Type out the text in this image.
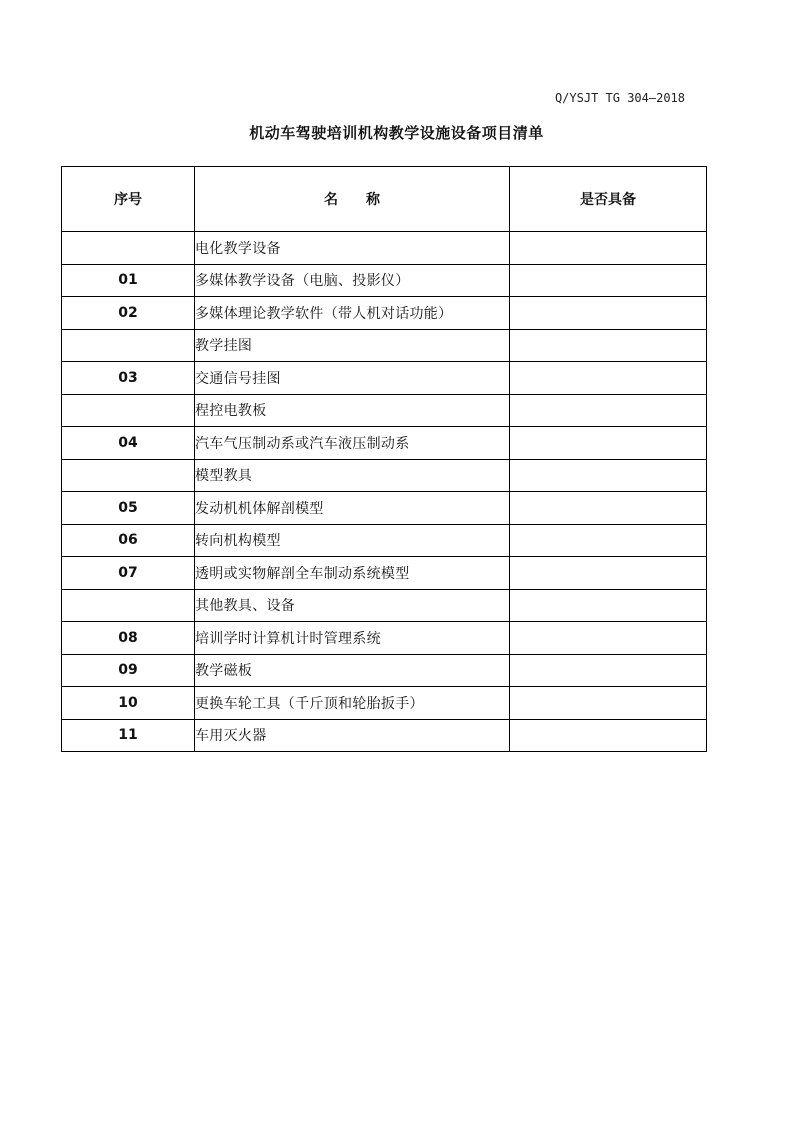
Q/YSJT TG 304—2018
机动车驾驶培训机构教学设施设备项目清单
序号	名　　称	是否具备
	电化教学设备	
01	多媒体教学设备（电脑、投影仪）	
02	多媒体理论教学软件（带人机对话功能）	
	教学挂图	
03	交通信号挂图	
	程控电教板	
04	汽车气压制动系或汽车液压制动系	
	模型教具	
05	发动机机体解剖模型	
06	转向机构模型	
07	透明或实物解剖全车制动系统模型	
	其他教具、设备	
08	培训学时计算机计时管理系统	
09	教学磁板	
10	更换车轮工具（千斤顶和轮胎扳手）	
11	车用灭火器	
